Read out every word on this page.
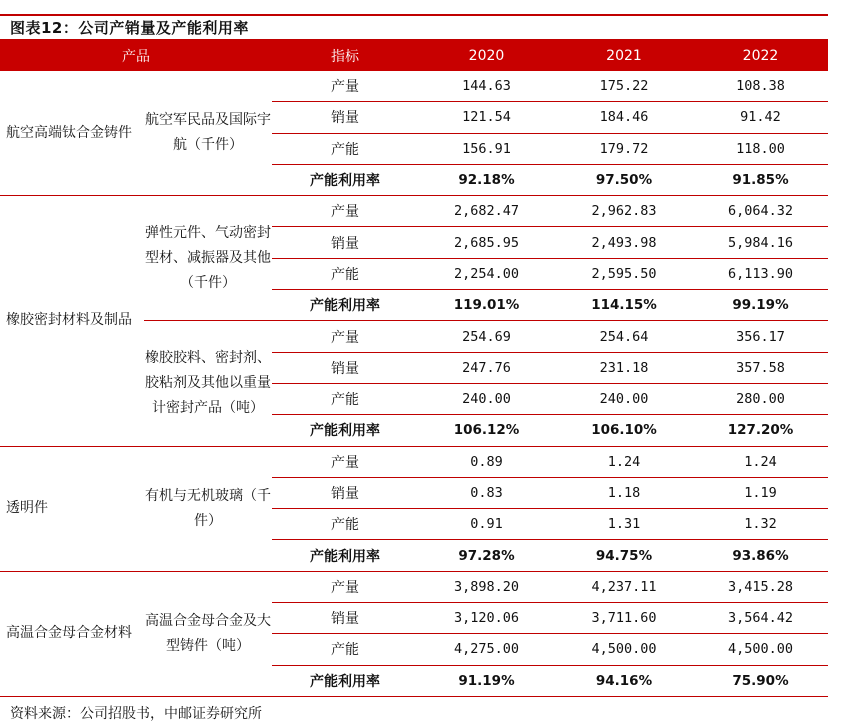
图表12：公司产销量及产能利用率
产品		指标	2020	2021	2022
航空高端钛合金铸件	航空军民品及国际宇航（千件）	产量	144.63	175.22	108.38
		销量	121.54	184.46	91.42
		产能	156.91	179.72	118.00
		产能利用率	92.18%	97.50%	91.85%
橡胶密封材料及制品	弹性元件、气动密封型材、减振器及其他（千件）	产量	2,682.47	2,962.83	6,064.32
		销量	2,685.95	2,493.98	5,984.16
		产能	2,254.00	2,595.50	6,113.90
		产能利用率	119.01%	114.15%	99.19%
	橡胶胶料、密封剂、胶粘剂及其他以重量计密封产品（吨）	产量	254.69	254.64	356.17
		销量	247.76	231.18	357.58
		产能	240.00	240.00	280.00
		产能利用率	106.12%	106.10%	127.20%
透明件	有机与无机玻璃（千件）	产量	0.89	1.24	1.24
		销量	0.83	1.18	1.19
		产能	0.91	1.31	1.32
		产能利用率	97.28%	94.75%	93.86%
高温合金母合金材料	高温合金母合金及大型铸件（吨）	产量	3,898.20	4,237.11	3,415.28
		销量	3,120.06	3,711.60	3,564.42
		产能	4,275.00	4,500.00	4,500.00
		产能利用率	91.19%	94.16%	75.90%
资料来源：公司招股书，中邮证券研究所
